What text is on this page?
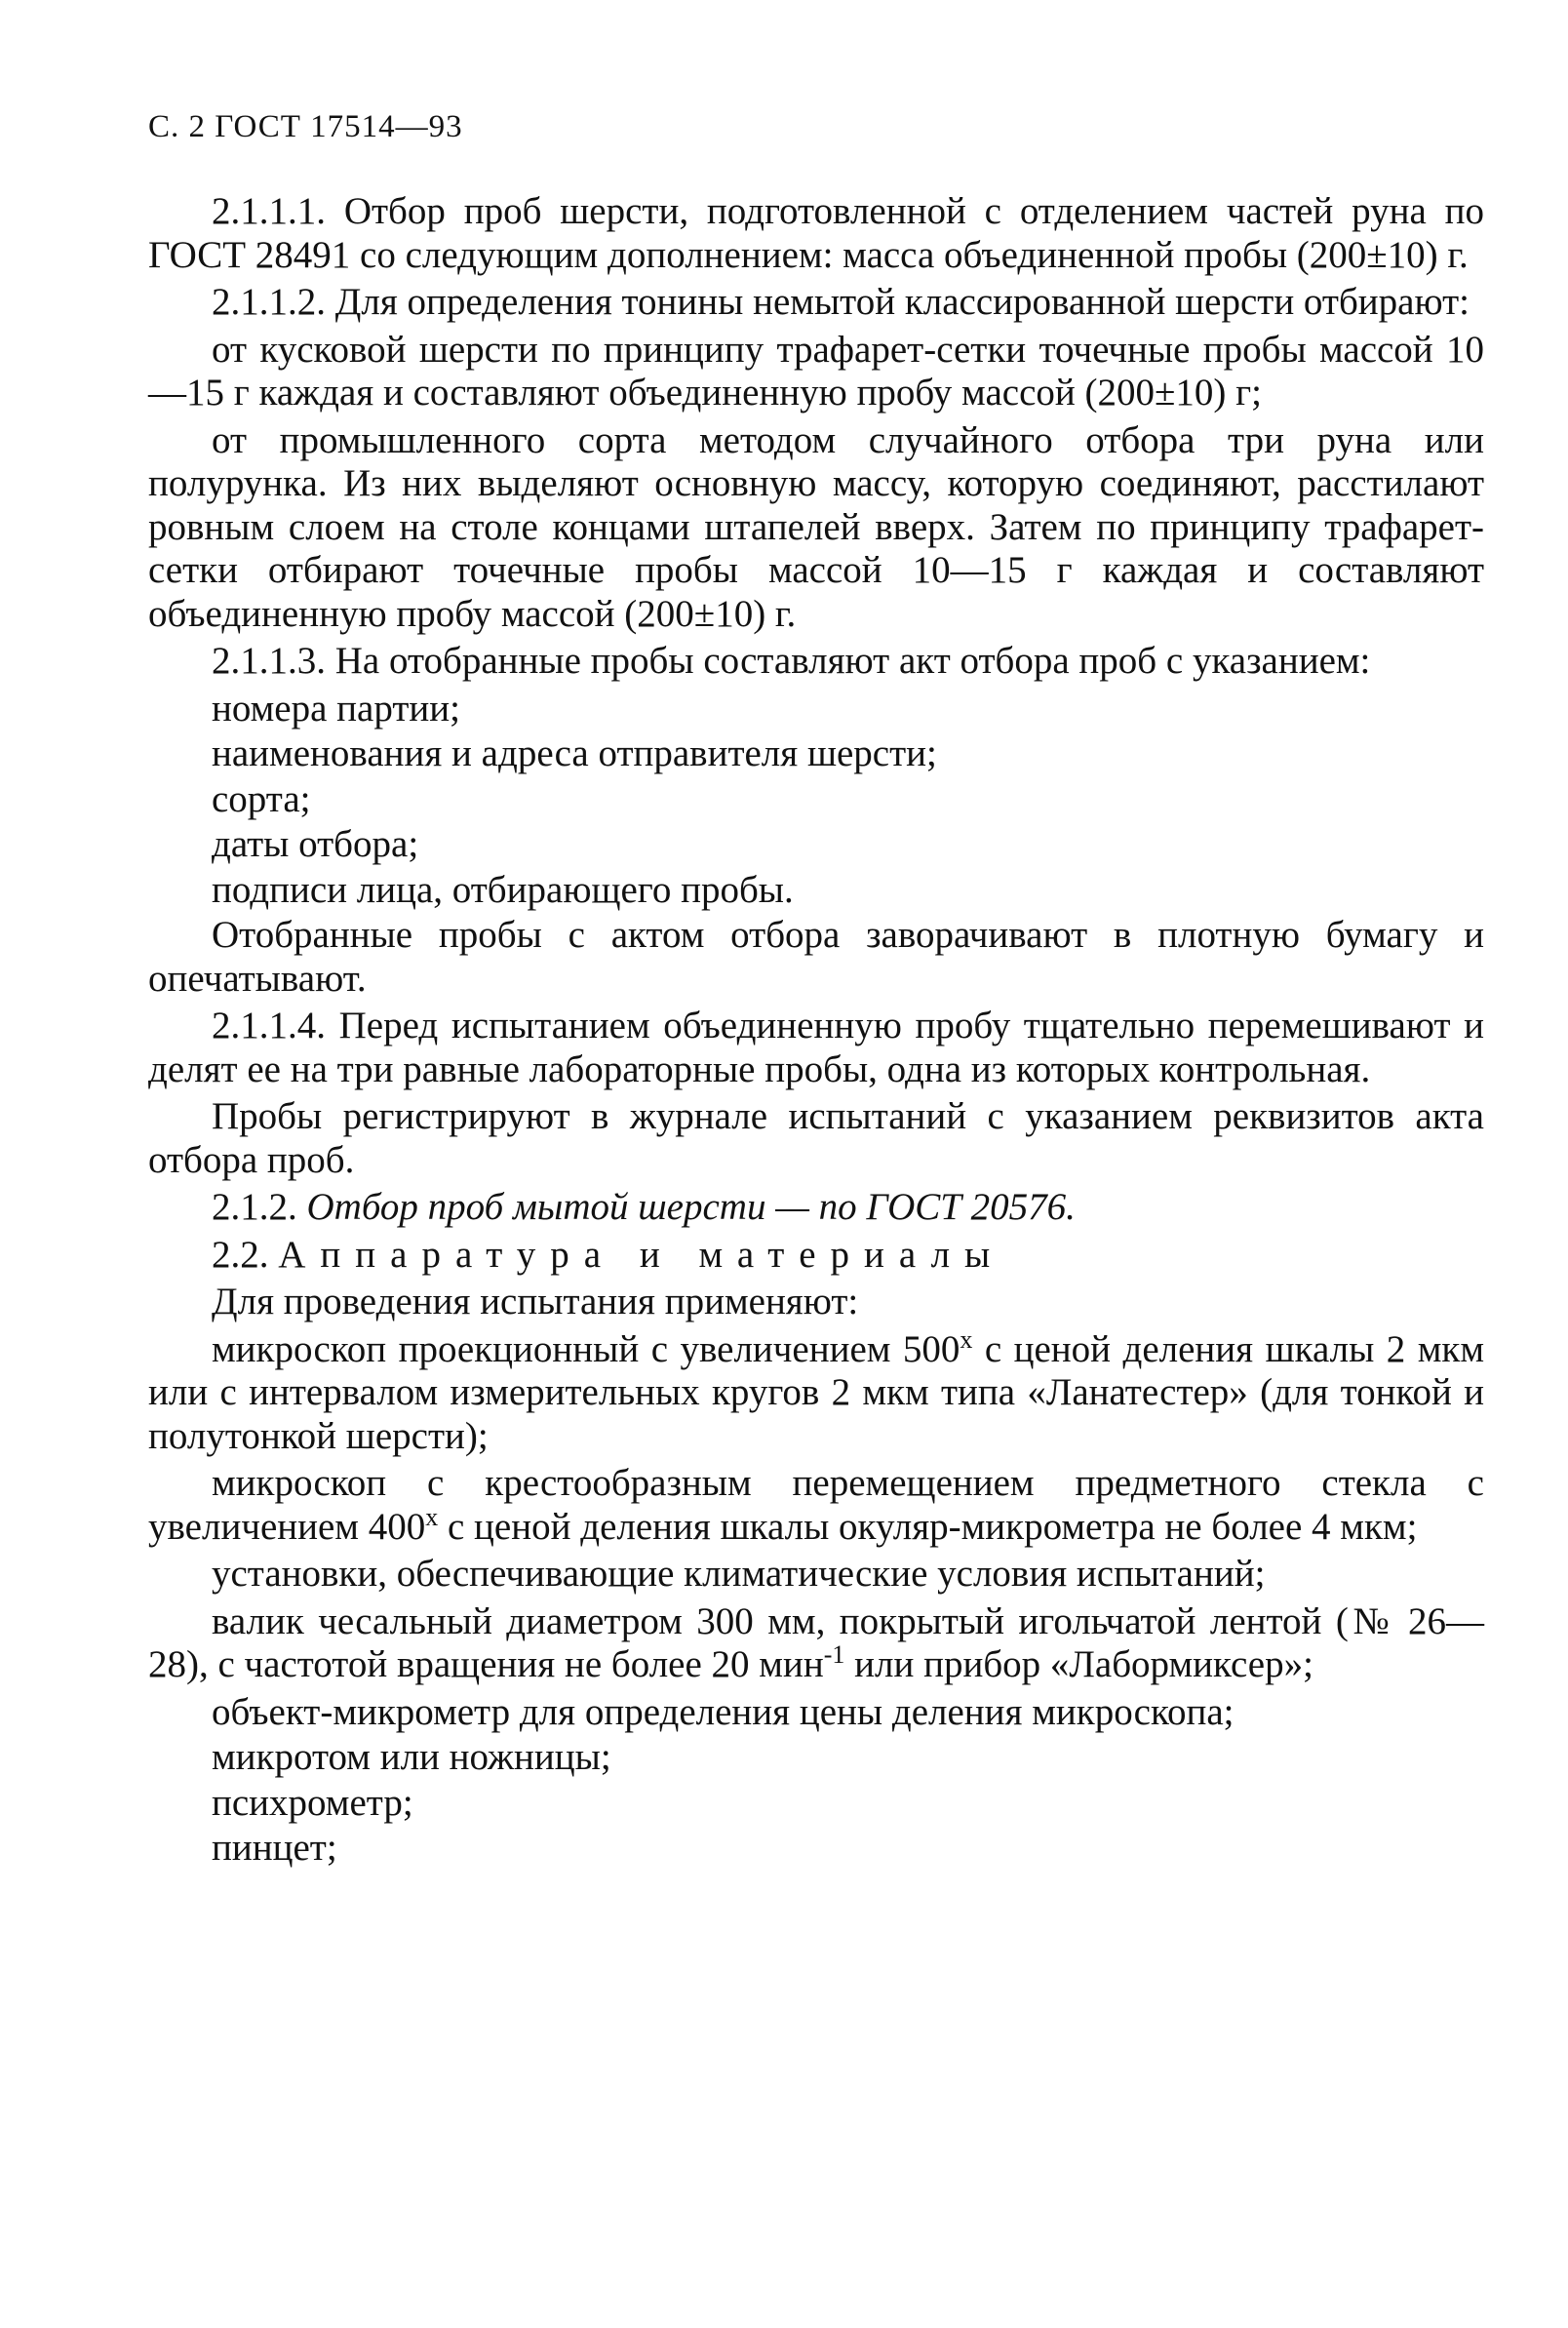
С. 2 ГОСТ 17514—93

2.1.1.1. Отбор проб шерсти, подготовленной с отделением частей руна по ГОСТ 28491 со следующим дополнением: масса объединенной пробы (200±10) г.

2.1.1.2. Для определения тонины немытой классированной шерсти отбирают:

от кусковой шерсти по принципу трафарет-сетки точечные пробы массой 10—15 г каждая и составляют объединенную пробу массой (200±10) г;

от промышленного сорта методом случайного отбора три руна или полурунка. Из них выделяют основную массу, которую соединяют, расстилают ровным слоем на столе концами штапелей вверх. Затем по принципу трафарет-сетки отбирают точечные пробы массой 10—15 г каждая и составляют объединенную пробу массой (200±10) г.

2.1.1.3. На отобранные пробы составляют акт отбора проб с указанием:

номера партии;

наименования и адреса отправителя шерсти;

сорта;

даты отбора;

подписи лица, отбирающего пробы.

Отобранные пробы с актом отбора заворачивают в плотную бумагу и опечатывают.

2.1.1.4. Перед испытанием объединенную пробу тщательно перемешивают и делят ее на три равные лабораторные пробы, одна из которых контрольная.

Пробы регистрируют в журнале испытаний с указанием реквизитов акта отбора проб.

2.1.2. Отбор проб мытой шерсти — по ГОСТ 20576.

2.2. Аппаратура и материалы

Для проведения испытания применяют:

микроскоп проекционный с увеличением 500$^x$ с ценой деления шкалы 2 мкм или с интервалом измерительных кругов 2 мкм типа «Ланатестер» (для тонкой и полутонкой шерсти);

микроскоп с крестообразным перемещением предметного стекла с увеличением 400$^x$ с ценой деления шкалы окуляр-микрометра не более 4 мкм;

установки, обеспечивающие климатические условия испытаний;

валик чесальный диаметром 300 мм, покрытый игольчатой лентой (№ 26—28), с частотой вращения не более 20 мин$^{-1}$ или прибор «Лабормиксер»;

объект-микрометр для определения цены деления микроскопа;

микротом или ножницы;

психрометр;

пинцет;
